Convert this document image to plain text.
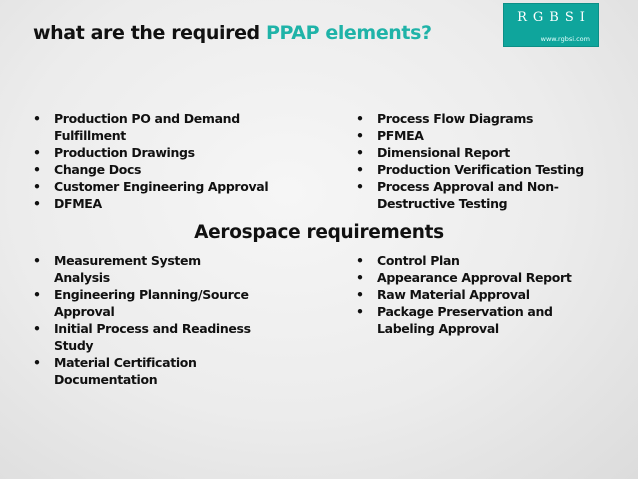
what are the required PPAP elements?
RGBSI
www.rgbsi.com
• Production PO and Demand Fulfillment
• Production Drawings
• Change Docs
• Customer Engineering Approval
• DFMEA
• Process Flow Diagrams
• PFMEA
• Dimensional Report
• Production Verification Testing
• Process Approval and Non-Destructive Testing
Aerospace requirements
• Measurement System Analysis
• Engineering Planning/Source Approval
• Initial Process and Readiness Study
• Material Certification Documentation
• Control Plan
• Appearance Approval Report
• Raw Material Approval
• Package Preservation and Labeling Approval
